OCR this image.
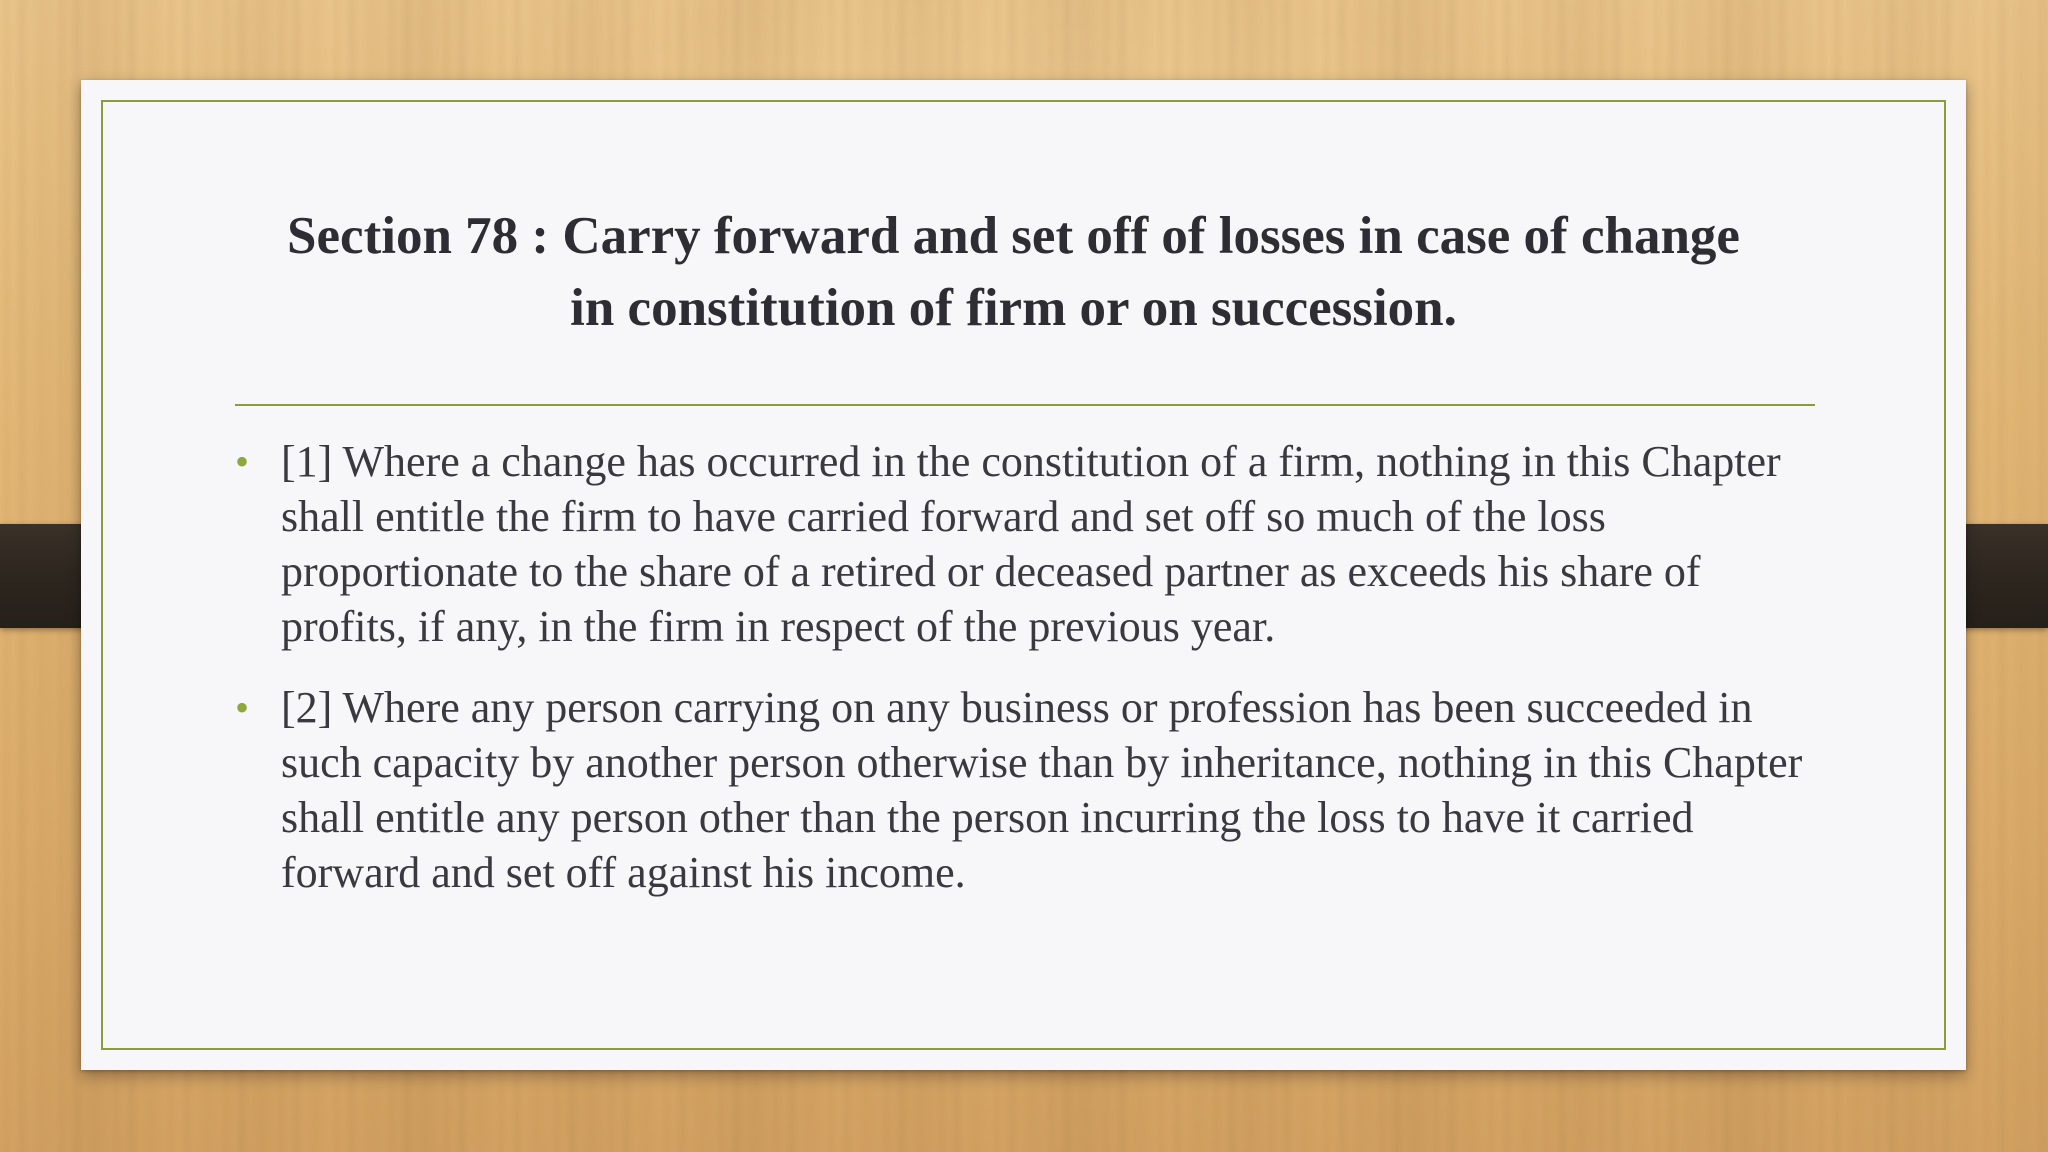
Section 78 : Carry forward and set off of losses in case of change in constitution of firm or on succession.
• [1] Where a change has occurred in the constitution of a firm, nothing in this Chapter shall entitle the firm to have carried forward and set off so much of the loss proportionate to the share of a retired or deceased partner as exceeds his share of profits, if any, in the firm in respect of the previous year.
• [2] Where any person carrying on any business or profession has been succeeded in such capacity by another person otherwise than by inheritance, nothing in this Chapter shall entitle any person other than the person incurring the loss to have it carried forward and set off against his income.
